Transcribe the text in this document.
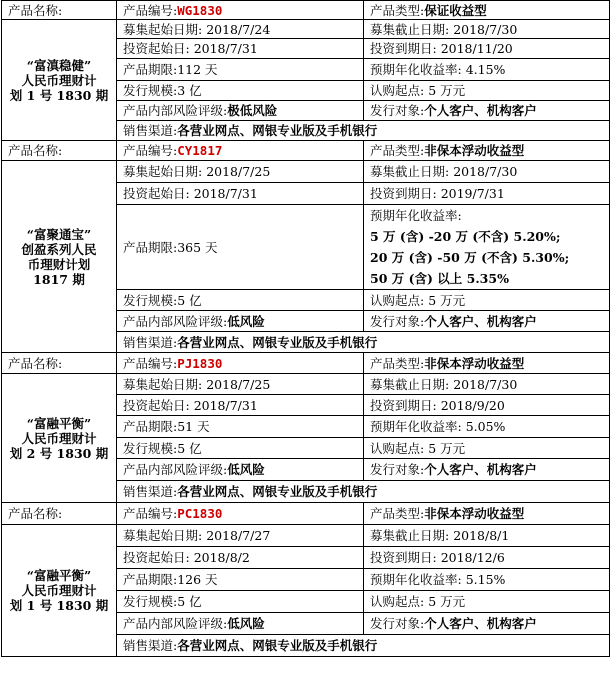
产品名称:	产品编号:WG1830	产品类型:保证收益型

“富滇稳健”
人民币理财计
划 1 号 1830 期	募集起始日期: 2018/7/24	募集截止日期: 2018/7/30
	投资起始日: 2018/7/31	投资到期日: 2018/11/20
	产品期限:112 天	预期年化收益率: 4.15%
	发行规模:3 亿	认购起点: 5 万元
	产品内部风险评级:极低风险	发行对象:个人客户、机构客户
	销售渠道:各营业网点、网银专业版及手机银行	
产品名称:	产品编号:CY1817	产品类型:非保本浮动收益型

“富聚通宝”
创盈系列人民
币理财计划
1817 期	募集起始日期: 2018/7/25	募集截止日期: 2018/7/30
	投资起始日: 2018/7/31	投资到期日: 2019/7/31
	产品期限:365 天	预期年化收益率:
5 万 (含) -20 万 (不含) 5.20%;
20 万 (含) -50 万 (不含) 5.30%;
50 万 (含) 以上 5.35%

	发行规模:5 亿	认购起点: 5 万元
	产品内部风险评级:低风险	发行对象:个人客户、机构客户
	销售渠道:各营业网点、网银专业版及手机银行	
产品名称:	产品编号:PJ1830	产品类型:非保本浮动收益型

“富融平衡”
人民币理财计
划 2 号 1830 期	募集起始日期: 2018/7/25	募集截止日期: 2018/7/30
	投资起始日: 2018/7/31	投资到期日: 2018/9/20
	产品期限:51 天	预期年化收益率: 5.05%
	发行规模:5 亿	认购起点: 5 万元
	产品内部风险评级:低风险	发行对象:个人客户、机构客户
	销售渠道:各营业网点、网银专业版及手机银行	
产品名称:	产品编号:PC1830	产品类型:非保本浮动收益型

“富融平衡”
人民币理财计
划 1 号 1830 期	募集起始日期: 2018/7/27	募集截止日期: 2018/8/1
	投资起始日: 2018/8/2	投资到期日: 2018/12/6
	产品期限:126 天	预期年化收益率: 5.15%
	发行规模:5 亿	认购起点: 5 万元
	产品内部风险评级:低风险	发行对象:个人客户、机构客户
	销售渠道:各营业网点、网银专业版及手机银行	
